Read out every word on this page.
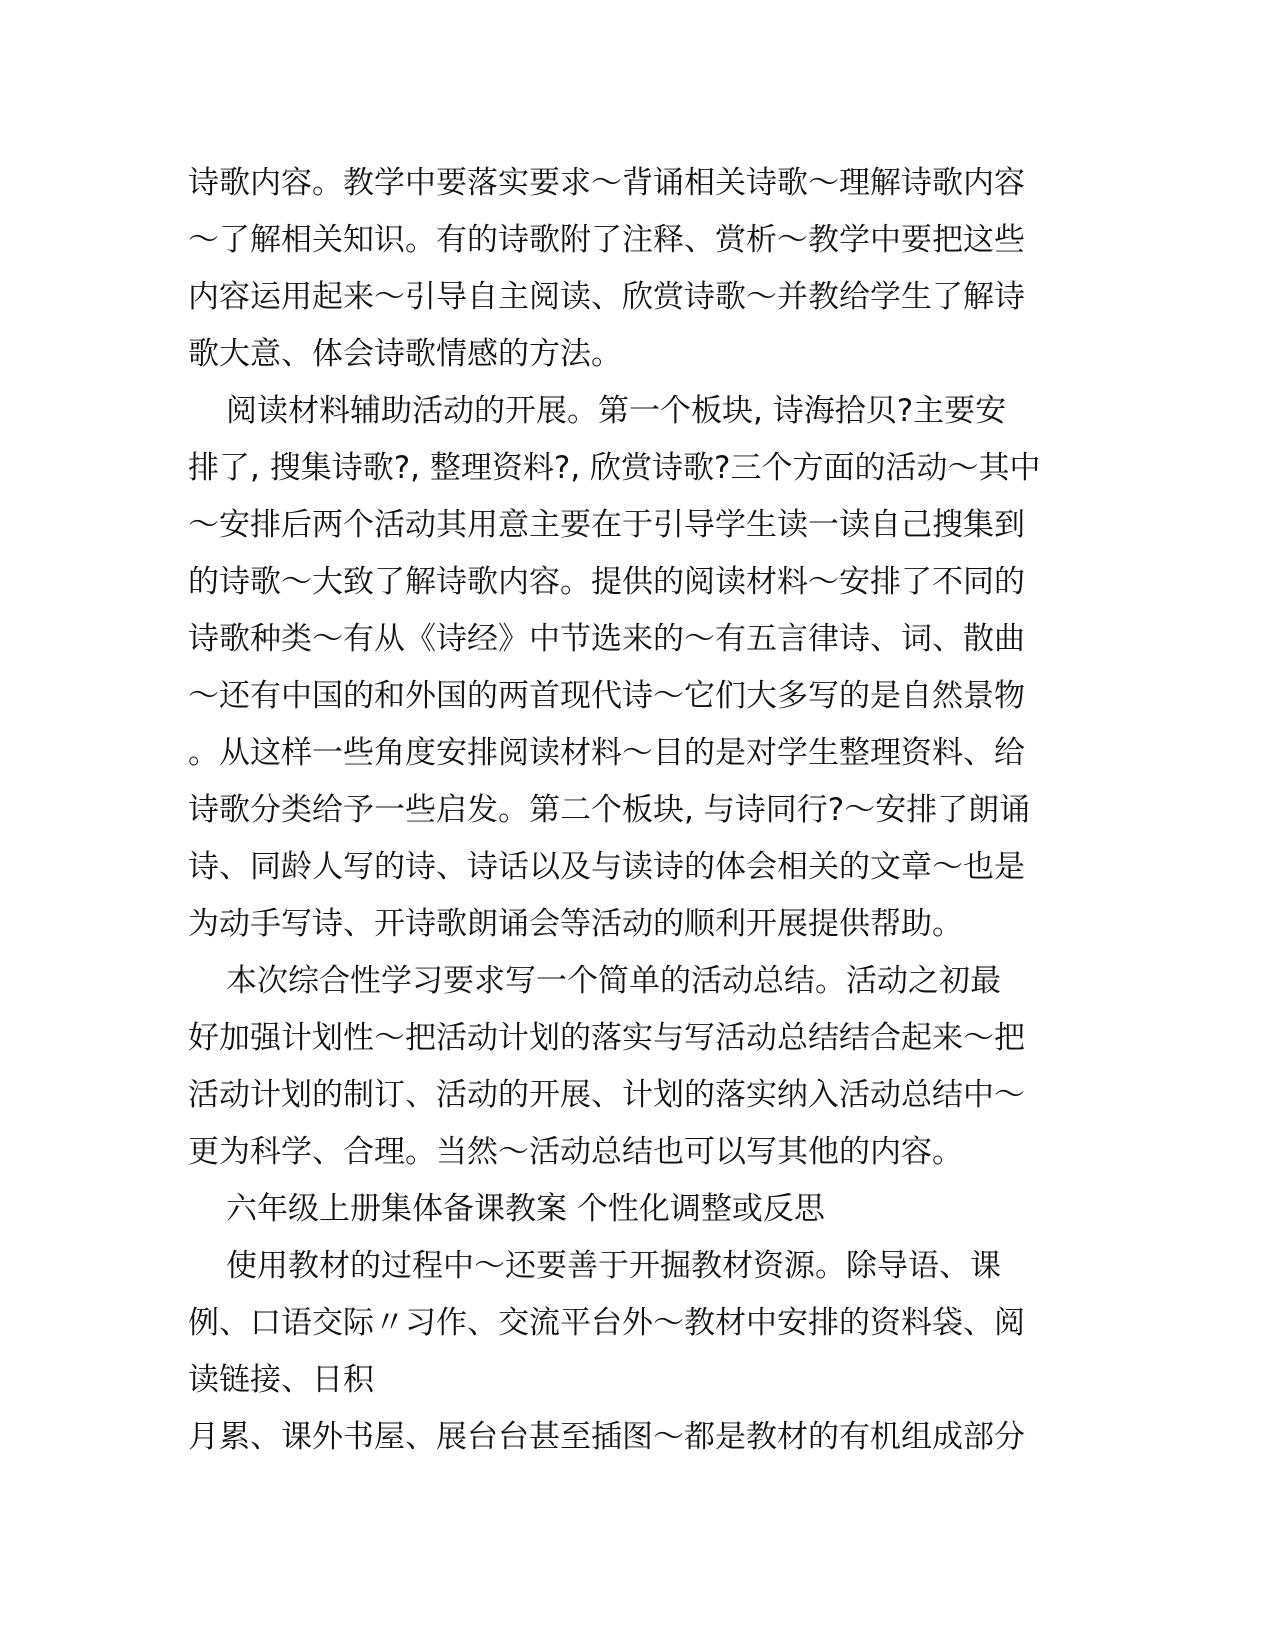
诗歌内容。教学中要落实要求～背诵相关诗歌～理解诗歌内容
～了解相关知识。有的诗歌附了注释、赏析～教学中要把这些
内容运用起来～引导自主阅读、欣赏诗歌～并教给学生了解诗
歌大意、体会诗歌情感的方法。
阅读材料辅助活动的开展。第一个板块, 诗海拾贝?主要安
排了, 搜集诗歌?, 整理资料?, 欣赏诗歌?三个方面的活动～其中
～安排后两个活动其用意主要在于引导学生读一读自己搜集到
的诗歌～大致了解诗歌内容。提供的阅读材料～安排了不同的
诗歌种类～有从《诗经》中节选来的～有五言律诗、词、散曲
～还有中国的和外国的两首现代诗～它们大多写的是自然景物
。从这样一些角度安排阅读材料～目的是对学生整理资料、给
诗歌分类给予一些启发。第二个板块, 与诗同行?～安排了朗诵
诗、同龄人写的诗、诗话以及与读诗的体会相关的文章～也是
为动手写诗、开诗歌朗诵会等活动的顺利开展提供帮助。
本次综合性学习要求写一个简单的活动总结。活动之初最
好加强计划性～把活动计划的落实与写活动总结结合起来～把
活动计划的制订、活动的开展、计划的落实纳入活动总结中～
更为科学、合理。当然～活动总结也可以写其他的内容。
六年级上册集体备课教案 个性化调整或反思
使用教材的过程中～还要善于开掘教材资源。除导语、课
例、口语交际〃习作、交流平台外～教材中安排的资料袋、阅
读链接、日积
月累、课外书屋、展台台甚至插图～都是教材的有机组成部分
